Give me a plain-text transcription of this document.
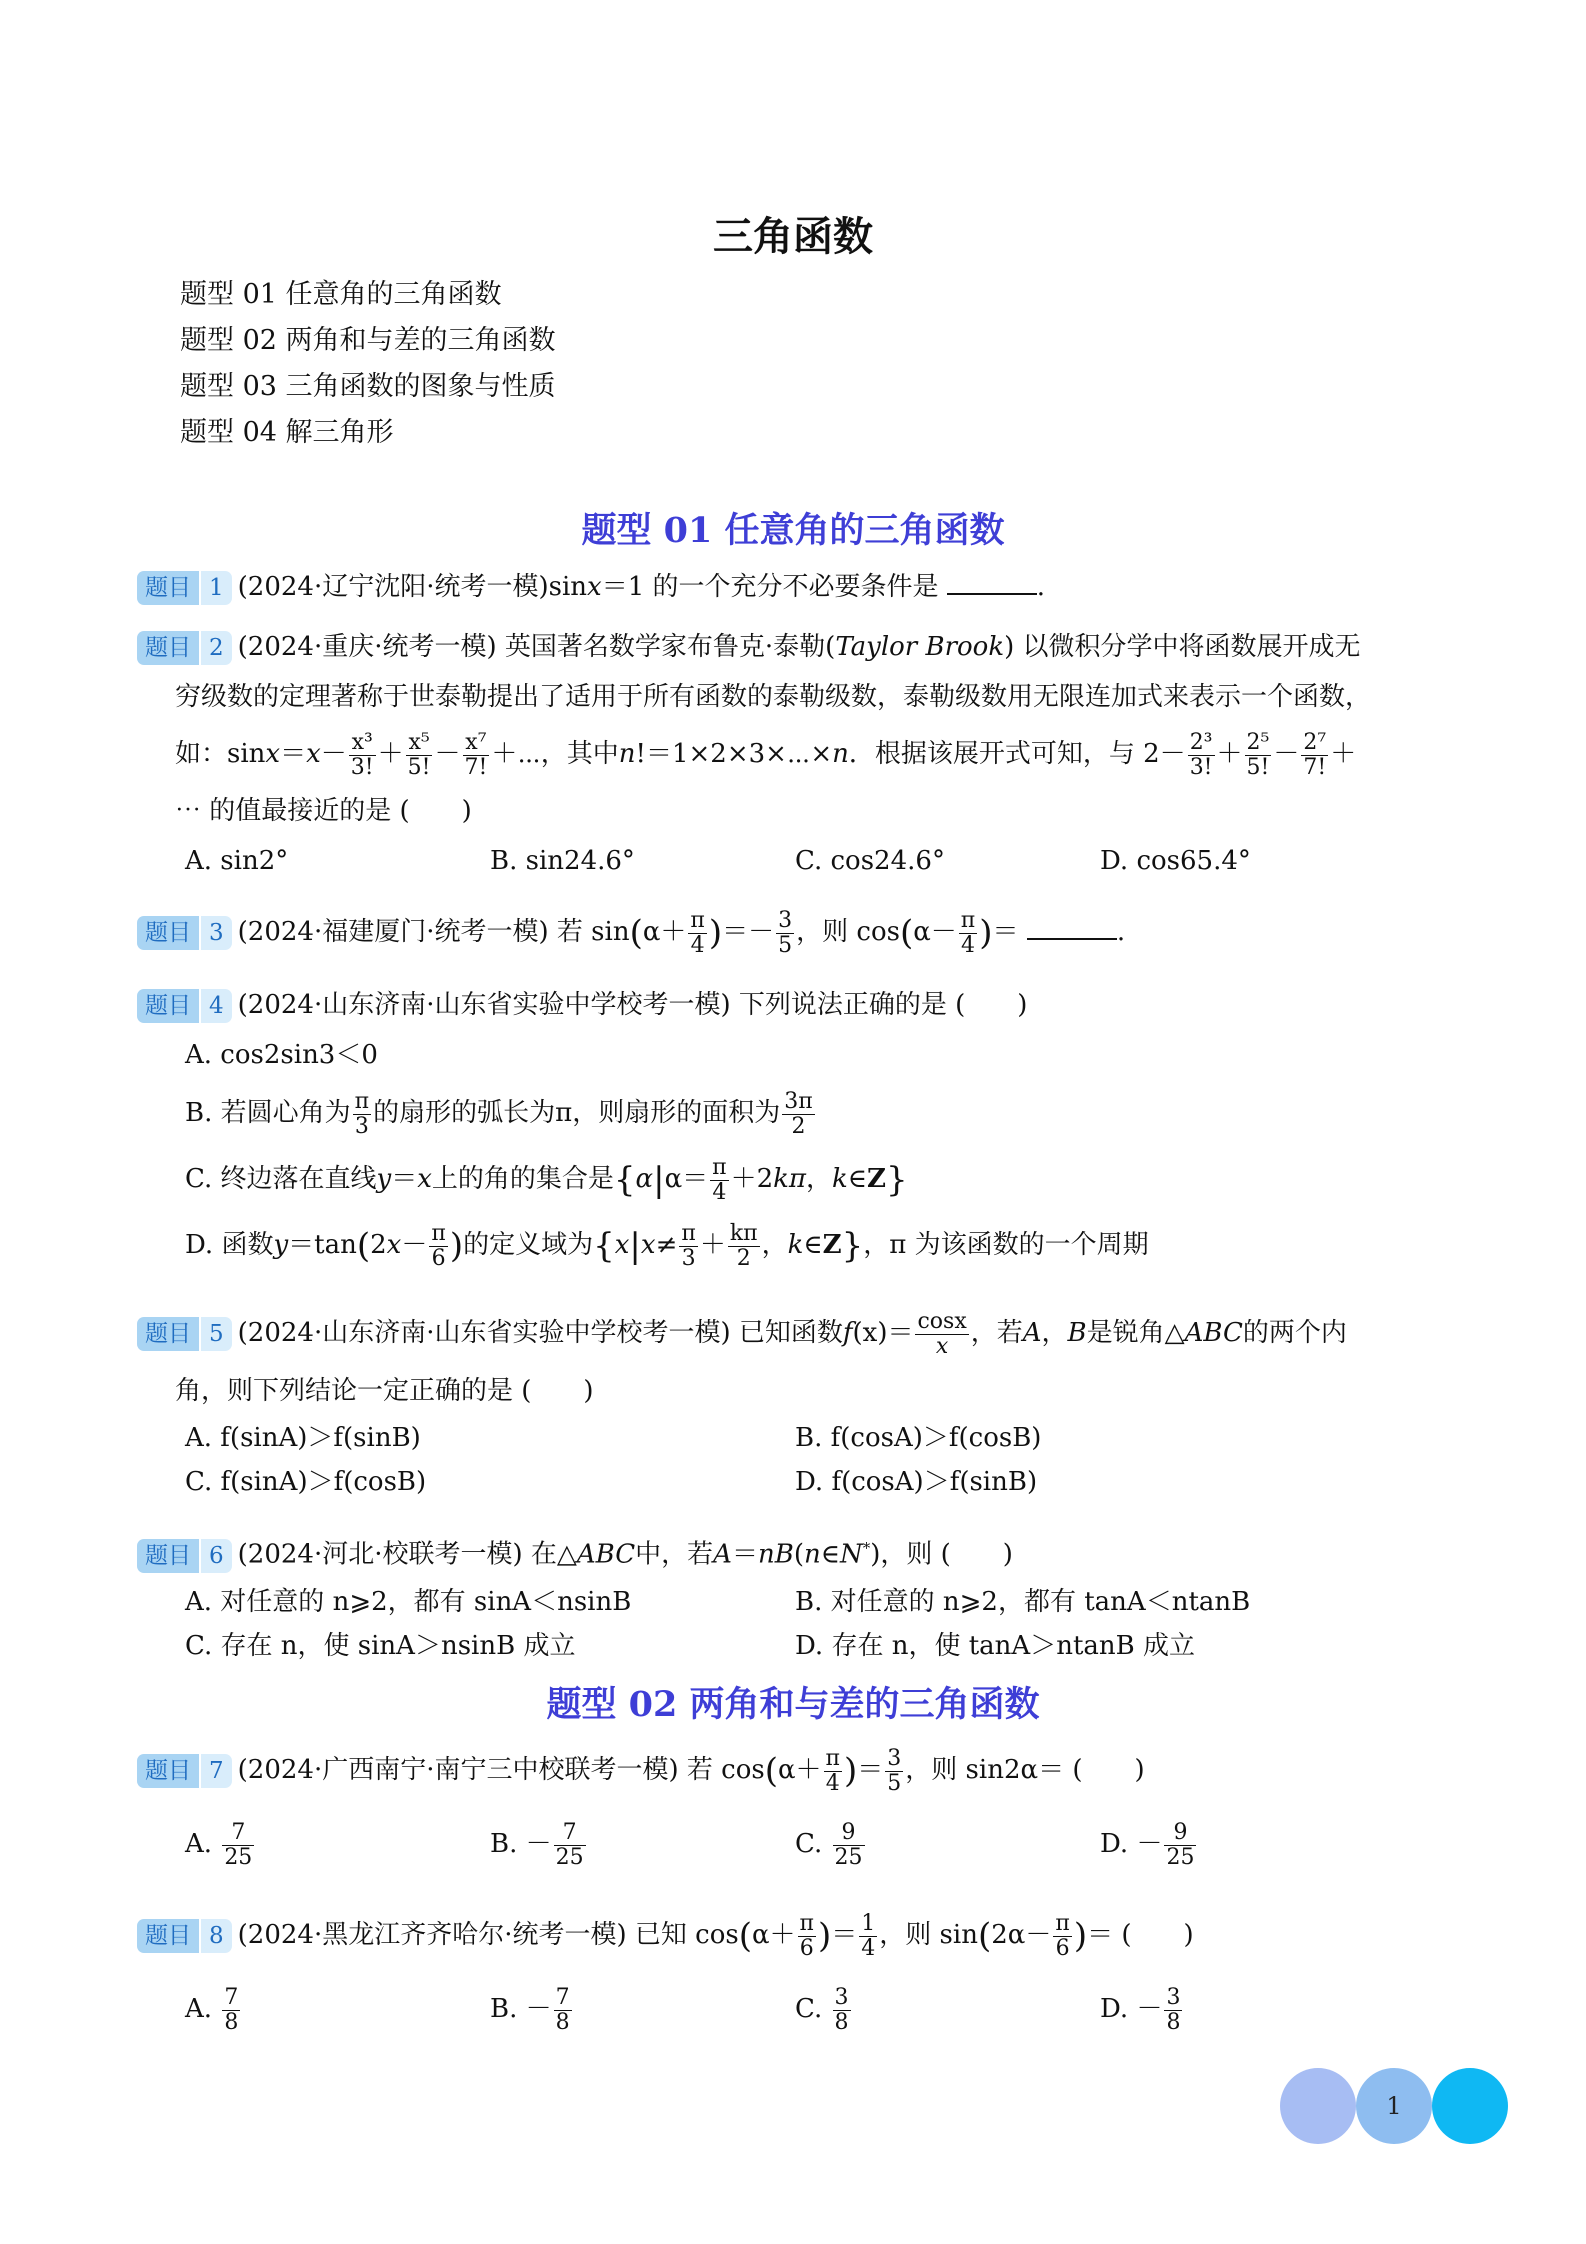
三角函数
题型 01 任意角的三角函数
题型 02 两角和与差的三角函数
题型 03 三角函数的图象与性质
题型 04 解三角形
题型 01 任意角的三角函数
题目 1 (2024·辽宁沈阳·统考一模)sinx＝1 的一个充分不必要条件是	.
题目 2 (2024·重庆·统考一模) 英国著名数学家布鲁克·泰勒(Taylor Brook) 以微积分学中将函数展开成无
穷级数的定理著称于世泰勒提出了适用于所有函数的泰勒级数，泰勒级数用无限连加式来表示一个函数，
如：$\sin x=x- \frac{\text{x³}}{3!} + \frac{\text{x⁵}}{5!} - \frac{\text{x⁷}}{7!}$ ＋⋯，其中n!＝1×2×3×⋯×n．根据该展开式可知，与 $2- \frac{\text{2³}}{3!} + \frac{\text{2⁵}}{5!} - \frac{\text{2⁷}}{7!}$ ＋
⋯ 的值最接近的是 (　　)
A. sin2°	B. sin24.6°	C. cos24.6°	D. cos65.4°
题目 3 (2024·福建厦门·统考一模) 若 $\sin(\alpha+ \frac{\pi}{4}$ )＝－ $\frac{3}{5}$ ，则 $\cos(\alpha- \frac{\pi}{4}$ )＝	.
题目 4 (2024·山东济南·山东省实验中学校考一模) 下列说法正确的是 (　　)
A. cos2sin3＜0
B. 若圆心角为 $\frac{\pi}{3}$ 的扇形的弧长为π，则扇形的面积为 $\frac{3\pi}{2}$
C. 终边落在直线y＝x上的角的集合是{$\alpha|\alpha= \frac{\pi}{4} +2k\pi$，k∈Z}
D. 函数$y=\tan(2x- \frac{\pi}{6}$ )的定义域为{$x|x\ne \frac{\pi}{3} + \frac{k\pi}{2}$ ，k∈Z}，π 为该函数的一个周期
题目 5 (2024·山东济南·山东省实验中学校考一模) 已知函数$f(x)= \frac{\cos x}{x}$，若A，B是锐角△ABC的两个内
角，则下列结论一定正确的是 (　　)
A. f(sinA)＞f(sinB)	B. f(cosA)＞f(cosB)
C. f(sinA)＞f(cosB)	D. f(cosA)＞f(sinB)
题目 6 (2024·河北·校联考一模) 在△ABC中，若A＝nB(n∈N*)，则 (　　)
A. 对任意的 n⩾2，都有 sinA＜nsinB	B. 对任意的 n⩾2，都有 tanA＜ntanB
C. 存在 n，使 sinA＞nsinB 成立	D. 存在 n，使 tanA＞ntanB 成立
题型 02 两角和与差的三角函数
题目 7 (2024·广西南宁·南宁三中校联考一模) 若 $\cos(\alpha+ \frac{\pi}{4}$ )＝ $\frac{3}{5}$ ，则 sin2α＝ (　　)
A. $\frac{7}{25}$	B. － $\frac{7}{25}$	C. $\frac{9}{25}$	D. － $\frac{9}{25}$
题目 8 (2024·黑龙江齐齐哈尔·统考一模) 已知 $\cos(\alpha+ \frac{\pi}{6}$ )＝ $\frac{1}{4}$ ，则 $\sin(2\alpha- \frac{\pi}{6}$ )＝ (　　)
A. $\frac{7}{8}$	B. － $\frac{7}{8}$	C. $\frac{3}{8}$	D. － $\frac{3}{8}$
1
